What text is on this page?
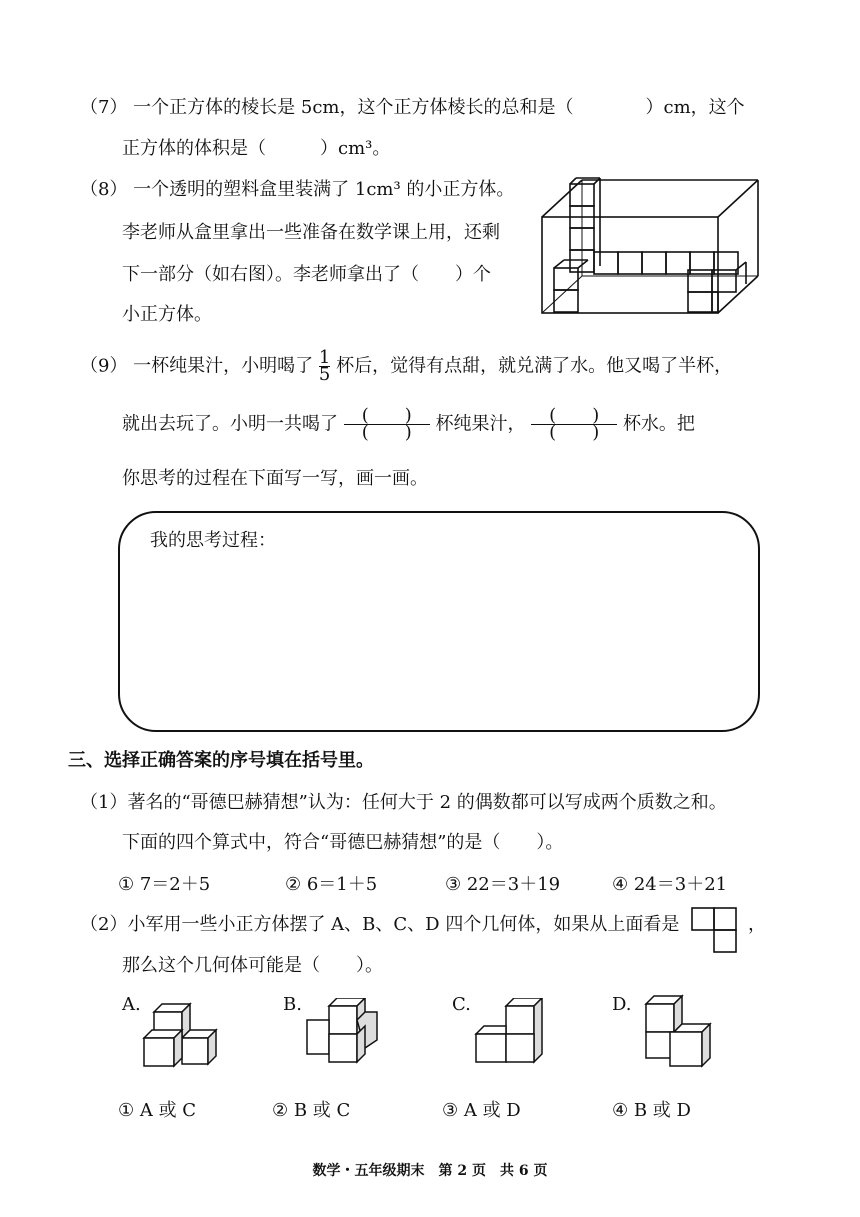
（7） 一个正方体的棱长是 5cm，这个正方体棱长的总和是（　　　　）cm，这个
正方体的体积是（　　　）cm³。
（8） 一个透明的塑料盒里装满了 1cm³ 的小正方体。
李老师从盒里拿出一些准备在数学课上用，还剩
下一部分（如右图）。李老师拿出了（　　）个
小正方体。
（9） 一杯纯果汁，小明喝了 $\frac{1}{5}$ 杯后，觉得有点甜，就兑满了水。他又喝了半杯，
就出去玩了。小明一共喝了 $\frac{( )}{( )}$ 杯纯果汁， $\frac{( )}{( )}$ 杯水。把
你思考的过程在下面写一写，画一画。
我的思考过程：
三、选择正确答案的序号填在括号里。
（1）著名的“哥德巴赫猜想”认为：任何大于 2 的偶数都可以写成两个质数之和。
下面的四个算式中，符合“哥德巴赫猜想”的是（　　）。
① 7＝2＋5	② 6＝1＋5	③ 22＝3＋19	④ 24＝3＋21
（2）小军用一些小正方体摆了 A、B、C、D 四个几何体，如果从上面看是	，
那么这个几何体可能是（　　）。
A.	B.	C.	D.
① A 或 C	② B 或 C	③ A 或 D	④ B 或 D
数学・五年级期末　第 2 页　共 6 页
